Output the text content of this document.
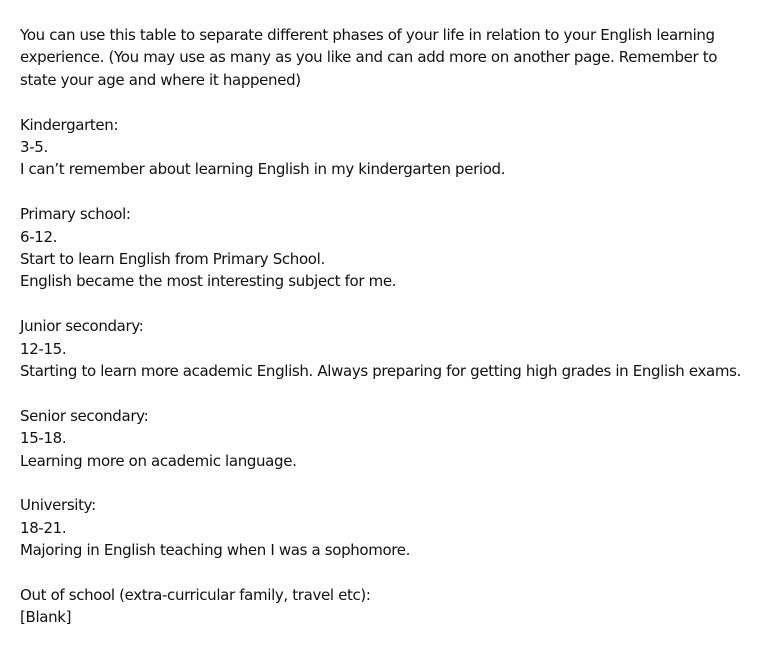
You can use this table to separate different phases of your life in relation to your English learning
experience. (You may use as many as you like and can add more on another page. Remember to
state your age and where it happened)
Kindergarten:
3-5.
I can’t remember about learning English in my kindergarten period.
Primary school:
6-12.
Start to learn English from Primary School.
English became the most interesting subject for me.
Junior secondary:
12-15.
Starting to learn more academic English. Always preparing for getting high grades in English exams.
Senior secondary:
15-18.
Learning more on academic language.
University:
18-21.
Majoring in English teaching when I was a sophomore.
Out of school (extra-curricular family, travel etc):
[Blank]
